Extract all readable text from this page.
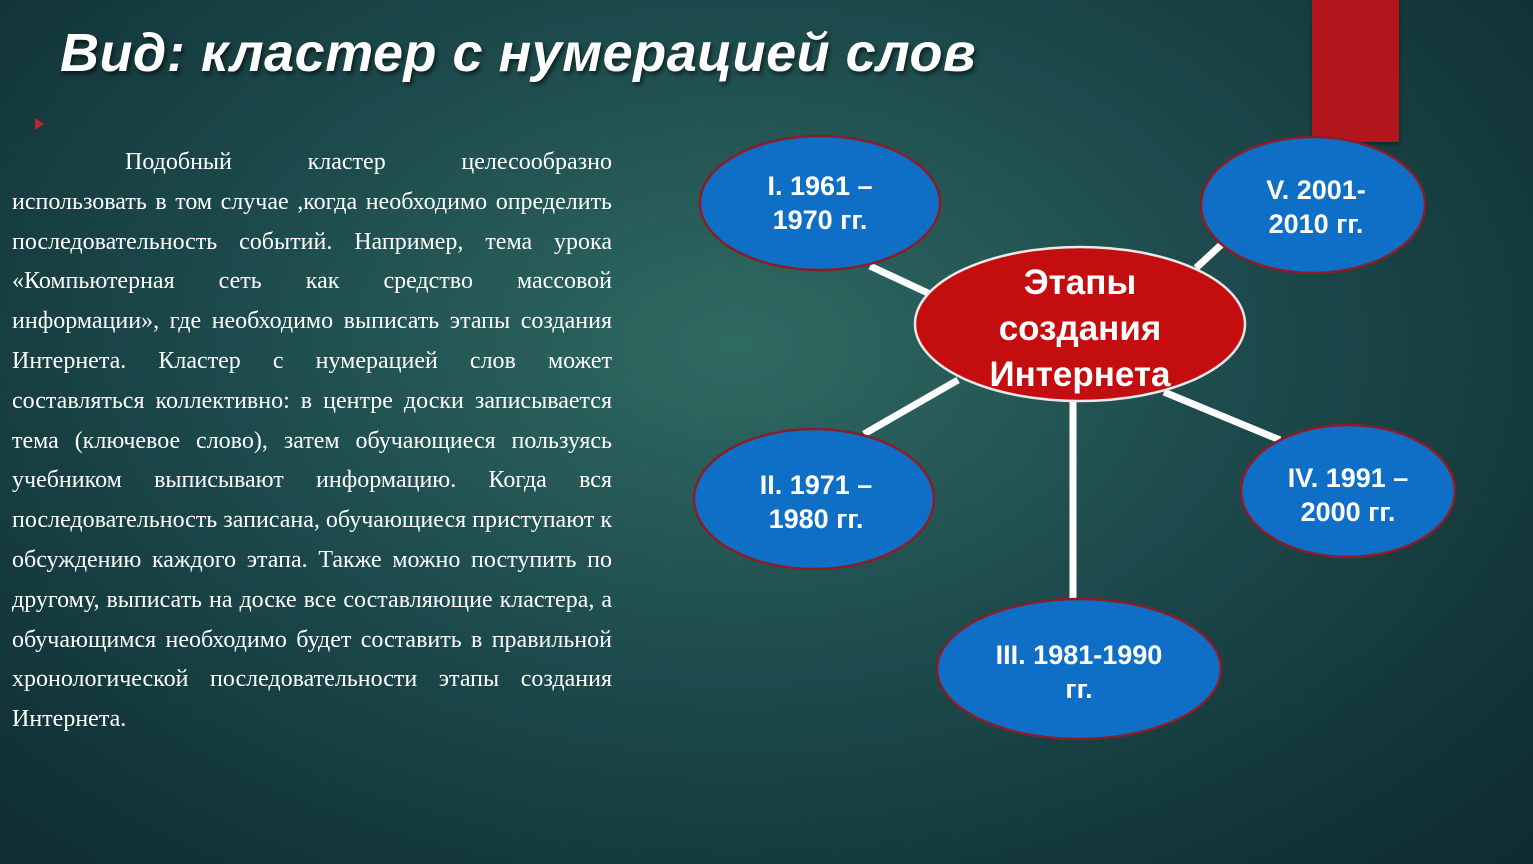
Вид: кластер с нумерацией слов
Подобный кластер целесообразно использовать в том случае ,когда необходимо определить последовательность событий. Например, тема урока «Компьютерная сеть как средство массовой информации», где необходимо выписать этапы создания Интернета. Кластер с нумерацией слов может составляться коллективно: в центре доски записывается тема (ключевое слово), затем обучающиеся пользуясь учебником выписывают информацию. Когда вся последовательность записана, обучающиеся приступают к обсуждению каждого этапа. Также можно поступить по другому, выписать на доске все составляющие кластера, а обучающимся необходимо будет составить в правильной хронологической последовательности этапы создания Интернета.
I. 1961 –
1970 гг.
V. 2001-
2010 гг.
II. 1971 –
1980 гг.
IV. 1991 –
2000 гг.
III. 1981-1990
гг.
Этапы
создания
Интернета
